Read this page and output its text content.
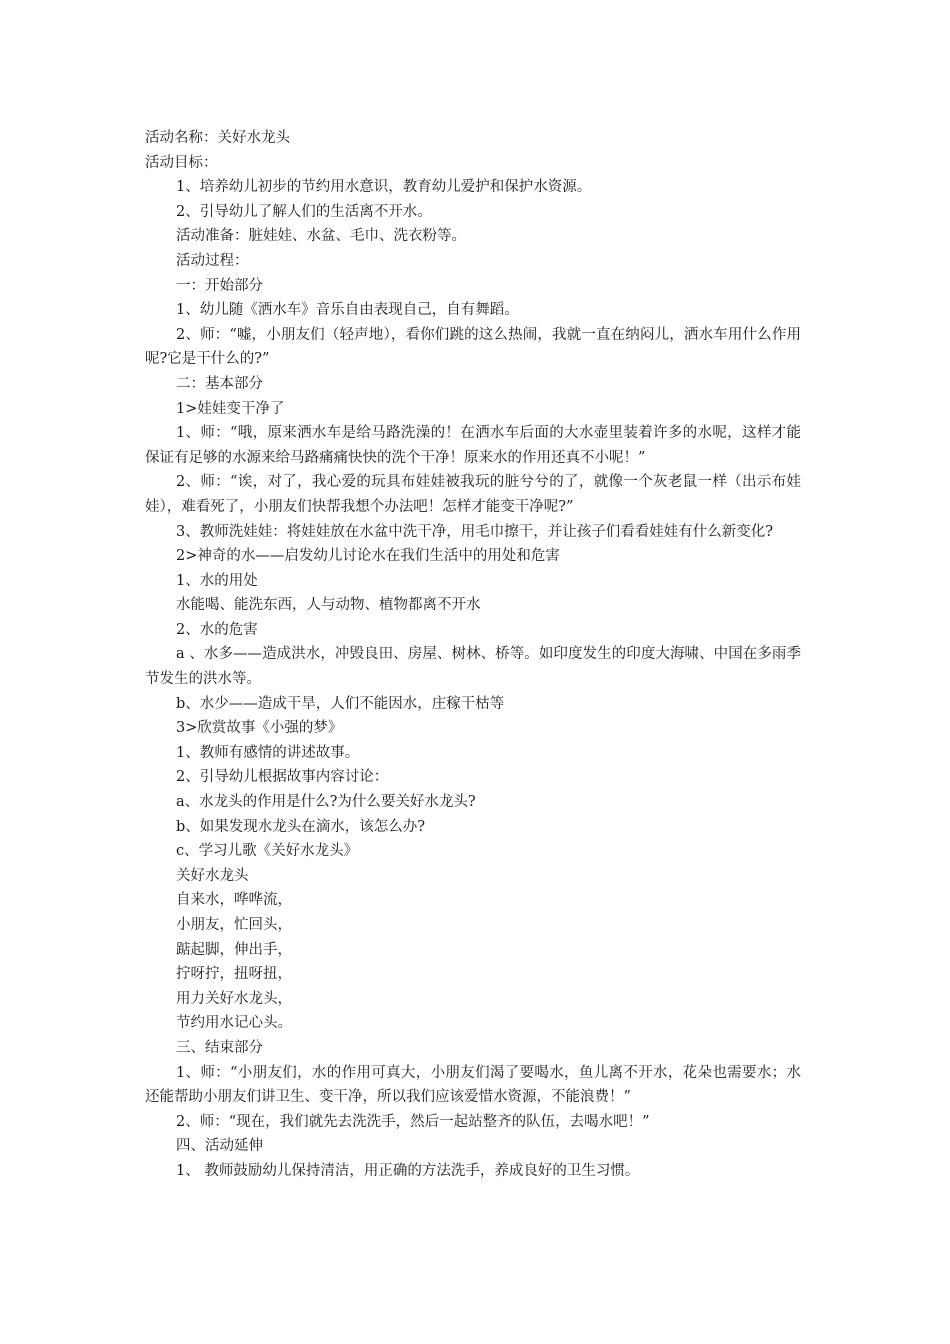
活动名称：关好水龙头

活动目标：

1、培养幼儿初步的节约用水意识，教育幼儿爱护和保护水资源。

2、引导幼儿了解人们的生活离不开水。

活动准备：脏娃娃、水盆、毛巾、洗衣粉等。

活动过程：

一：开始部分

1、幼儿随《洒水车》音乐自由表现自己，自有舞蹈。

2、师：“嘘，小朋友们（轻声地），看你们跳的这么热闹，我就一直在纳闷儿，洒水车用什么作用呢?它是干什么的?”

二：基本部分

1>娃娃变干净了

1、师：“哦，原来洒水车是给马路洗澡的！在洒水车后面的大水壶里装着许多的水呢，这样才能保证有足够的水源来给马路痛痛快快的洗个干净！原来水的作用还真不小呢！”

2、师：“诶，对了，我心爱的玩具布娃娃被我玩的脏兮兮的了，就像一个灰老鼠一样（出示布娃娃），难看死了，小朋友们快帮我想个办法吧！怎样才能变干净呢?”

3、教师洗娃娃：将娃娃放在水盆中洗干净，用毛巾擦干，并让孩子们看看娃娃有什么新变化?

2>神奇的水——启发幼儿讨论水在我们生活中的用处和危害

1、水的用处

水能喝、能洗东西，人与动物、植物都离不开水

2、水的危害

a 、水多——造成洪水，冲毁良田、房屋、树林、桥等。如印度发生的印度大海啸、中国在多雨季节发生的洪水等。

b、水少——造成干旱，人们不能因水，庄稼干枯等

3>欣赏故事《小强的梦》

1、教师有感情的讲述故事。

2、引导幼儿根据故事内容讨论：

a、水龙头的作用是什么?为什么要关好水龙头?

b、如果发现水龙头在滴水，该怎么办?

c、学习儿歌《关好水龙头》

关好水龙头

自来水，哗哗流，

小朋友，忙回头，

踮起脚，伸出手，

拧呀拧，扭呀扭，

用力关好水龙头，

节约用水记心头。

三、结束部分

1、师：“小朋友们，水的作用可真大，小朋友们渴了要喝水，鱼儿离不开水，花朵也需要水；水还能帮助小朋友们讲卫生、变干净，所以我们应该爱惜水资源，不能浪费！”

2、师：“现在，我们就先去洗洗手，然后一起站整齐的队伍，去喝水吧！”

四、活动延伸

1、 教师鼓励幼儿保持清洁，用正确的方法洗手，养成良好的卫生习惯。
